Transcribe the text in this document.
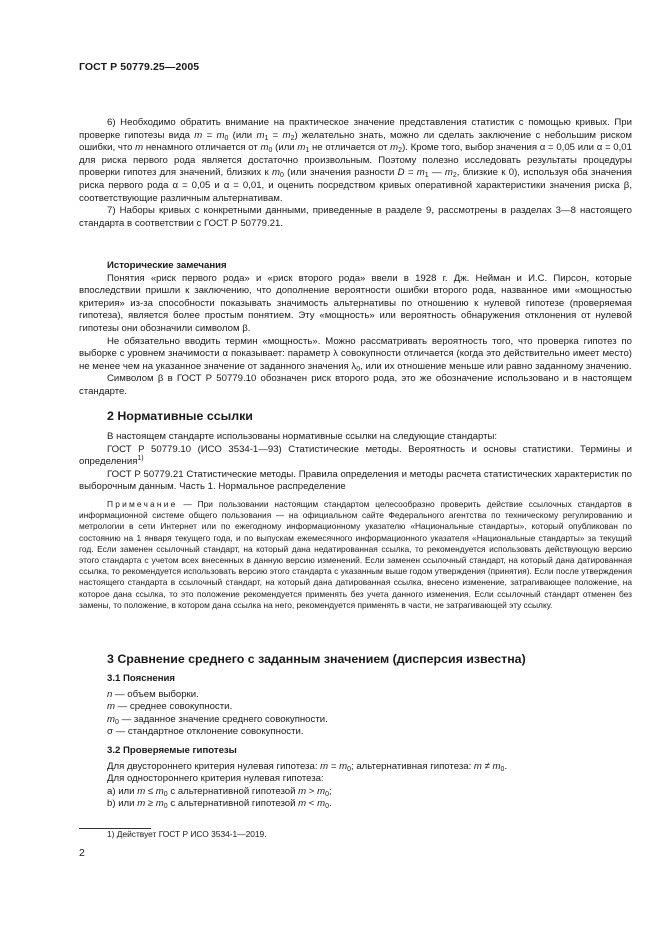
ГОСТ Р 50779.25—2005

6) Необходимо обратить внимание на практическое значение представления статистик с помощью кривых. При проверке гипотезы вида $m = m_0$ (или $m_1 = m_2$) желательно знать, можно ли сделать заключение с небольшим риском ошибки, что m ненамного отличается от $m_0$ (или $m_1$ не отличается от $m_2$). Кроме того, выбор значения α = 0,05 или α = 0,01 для риска первого рода является достаточно произвольным. Поэтому полезно исследовать результаты процедуры проверки гипотез для значений, близких к $m_0$ (или значения разности $D = m_1$ — $m_2$, близкие к 0), используя оба значения риска первого рода α = 0,05 и α = 0,01, и оценить посредством кривых оперативной характеристики значения риска β, соответствующие различным альтернативам.

7) Наборы кривых с конкретными данными, приведенные в разделе 9, рассмотрены в разделах 3—8 настоящего стандарта в соответствии с ГОСТ Р 50779.21.

Исторические замечания

Понятия «риск первого рода» и «риск второго рода» ввели в 1928 г. Дж. Нейман и И.С. Пирсон, которые впоследствии пришли к заключению, что дополнение вероятности ошибки второго рода, названное ими «мощностью критерия» из-за способности показывать значимость альтернативы по отношению к нулевой гипотезе (проверяемая гипотеза), является более простым понятием. Эту «мощность» или вероятность обнаружения отклонения от нулевой гипотезы они обозначили символом β.

Не обязательно вводить термин «мощность». Можно рассматривать вероятность того, что проверка гипотез по выборке с уровнем значимости α показывает: параметр λ совокупности отличается (когда это действительно имеет место) не менее чем на указанное значение от заданного значения $\lambda_0$, или их отношение меньше или равно заданному значению.

Символом β в ГОСТ Р 50779.10 обозначен риск второго рода, это же обозначение использовано и в настоящем стандарте.

2 Нормативные ссылки

В настоящем стандарте использованы нормативные ссылки на следующие стандарты:

ГОСТ Р 50779.10 (ИСО 3534-1—93) Статистические методы. Вероятность и основы статистики. Термины и определения$^{1)}$

ГОСТ Р 50779.21 Статистические методы. Правила определения и методы расчета статистических характеристик по выборочным данным. Часть 1. Нормальное распределение

Примечание — При пользовании настоящим стандартом целесообразно проверить действие ссылочных стандартов в информационной системе общего пользования — на официальном сайте Федерального агентства по техническому регулированию и метрологии в сети Интернет или по ежегодному информационному указателю «Национальные стандарты», который опубликован по состоянию на 1 января текущего года, и по выпускам ежемесячного информационного указателя «Национальные стандарты» за текущий год. Если заменен ссылочный стандарт, на который дана недатированная ссылка, то рекомендуется использовать действующую версию этого стандарта с учетом всех внесенных в данную версию изменений. Если заменен ссылочный стандарт, на который дана датированная ссылка, то рекомендуется использовать версию этого стандарта с указанным выше годом утверждения (принятия). Если после утверждения настоящего стандарта в ссылочный стандарт, на который дана датированная ссылка, внесено изменение, затрагивающее положение, на которое дана ссылка, то это положение рекомендуется применять без учета данного изменения. Если ссылочный стандарт отменен без замены, то положение, в котором дана ссылка на него, рекомендуется применять в части, не затрагивающей эту ссылку.

3 Сравнение среднего с заданным значением (дисперсия известна)

3.1 Пояснения

n — объем выборки.

m — среднее совокупности.

$m_0$ — заданное значение среднего совокупности.

σ — стандартное отклонение совокупности.

3.2 Проверяемые гипотезы

Для двустороннего критерия нулевая гипотеза: $m = m_0$; альтернативная гипотеза: $m \ne m_0$.

Для одностороннего критерия нулевая гипотеза:

а) или $m \le m_0$ с альтернативной гипотезой $m > m_0$;

b) или $m \ge m_0$ с альтернативной гипотезой $m < m_0$.

1) Действует ГОСТ Р ИСО 3534-1—2019.
2
